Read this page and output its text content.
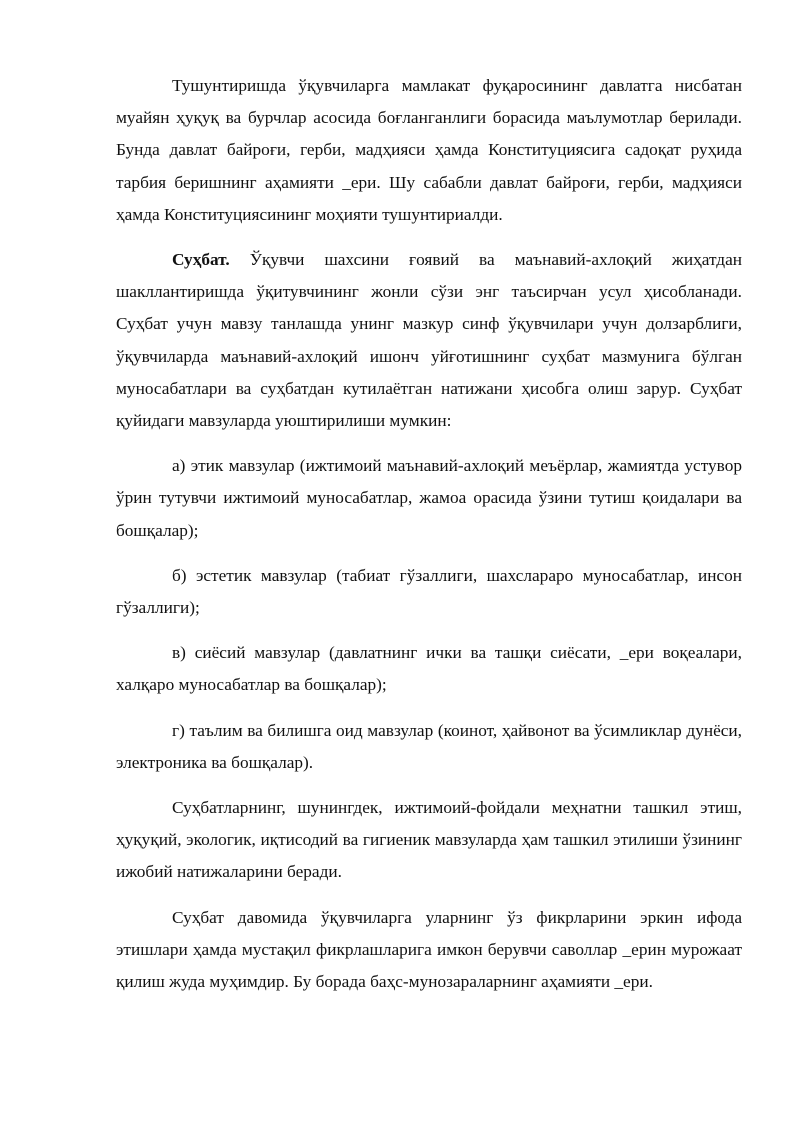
Тушунтиришда ўқувчиларга мамлакат фуқаросининг давлатга нисбатан муайян ҳуқуқ ва бурчлар асосида боғланганлиги борасида маълумотлар берилади. Бунда давлат байроғи, герби, мадҳияси ҳамда Конституциясига садоқат руҳида тарбия беришнинг аҳамияти _ери. Шу сабабли давлат байроғи, герби, мадҳияси ҳамда Конституциясининг моҳияти тушунтириалди.

Суҳбат. Ўқувчи шахсини ғоявий ва маънавий-ахлоқий жиҳатдан шакллантиришда ўқитувчининг жонли сўзи энг таъсирчан усул ҳисобланади. Суҳбат учун мавзу танлашда унинг мазкур синф ўқувчилари учун долзарблиги, ўқувчиларда маънавий-ахлоқий ишонч уйғотишнинг суҳбат мазмунига бўлган муносабатлари ва суҳбатдан кутилаётган натижани ҳисобга олиш зарур. Суҳбат қуйидаги мавзуларда уюштирилиши мумкин:

а) этик мавзулар (ижтимоий маънавий-ахлоқий меъёрлар, жамиятда устувор ўрин тутувчи ижтимоий муносабатлар, жамоа орасида ўзини тутиш қоидалари ва бошқалар);

б) эстетик мавзулар (табиат гўзаллиги, шахслараро муносабатлар, инсон гўзаллиги);

в) сиёсий мавзулар (давлатнинг ички ва ташқи сиёсати, _ери воқеалари, халқаро муносабатлар ва бошқалар);

г) таълим ва билишга оид мавзулар (коинот, ҳайвонот ва ўсимликлар дунёси, электроника ва бошқалар).

Суҳбатларнинг, шунингдек, ижтимоий-фойдали меҳнатни ташкил этиш, ҳуқуқий, экологик, иқтисодий ва гигиеник мавзуларда ҳам ташкил этилиши ўзининг ижобий натижаларини беради.

Суҳбат давомида ўқувчиларга уларнинг ўз фикрларини эркин ифода этишлари ҳамда мустақил фикрлашларига имкон берувчи саволлар _ерин мурожаат қилиш жуда муҳимдир. Бу борада баҳс-мунозараларнинг аҳамияти _ери.
